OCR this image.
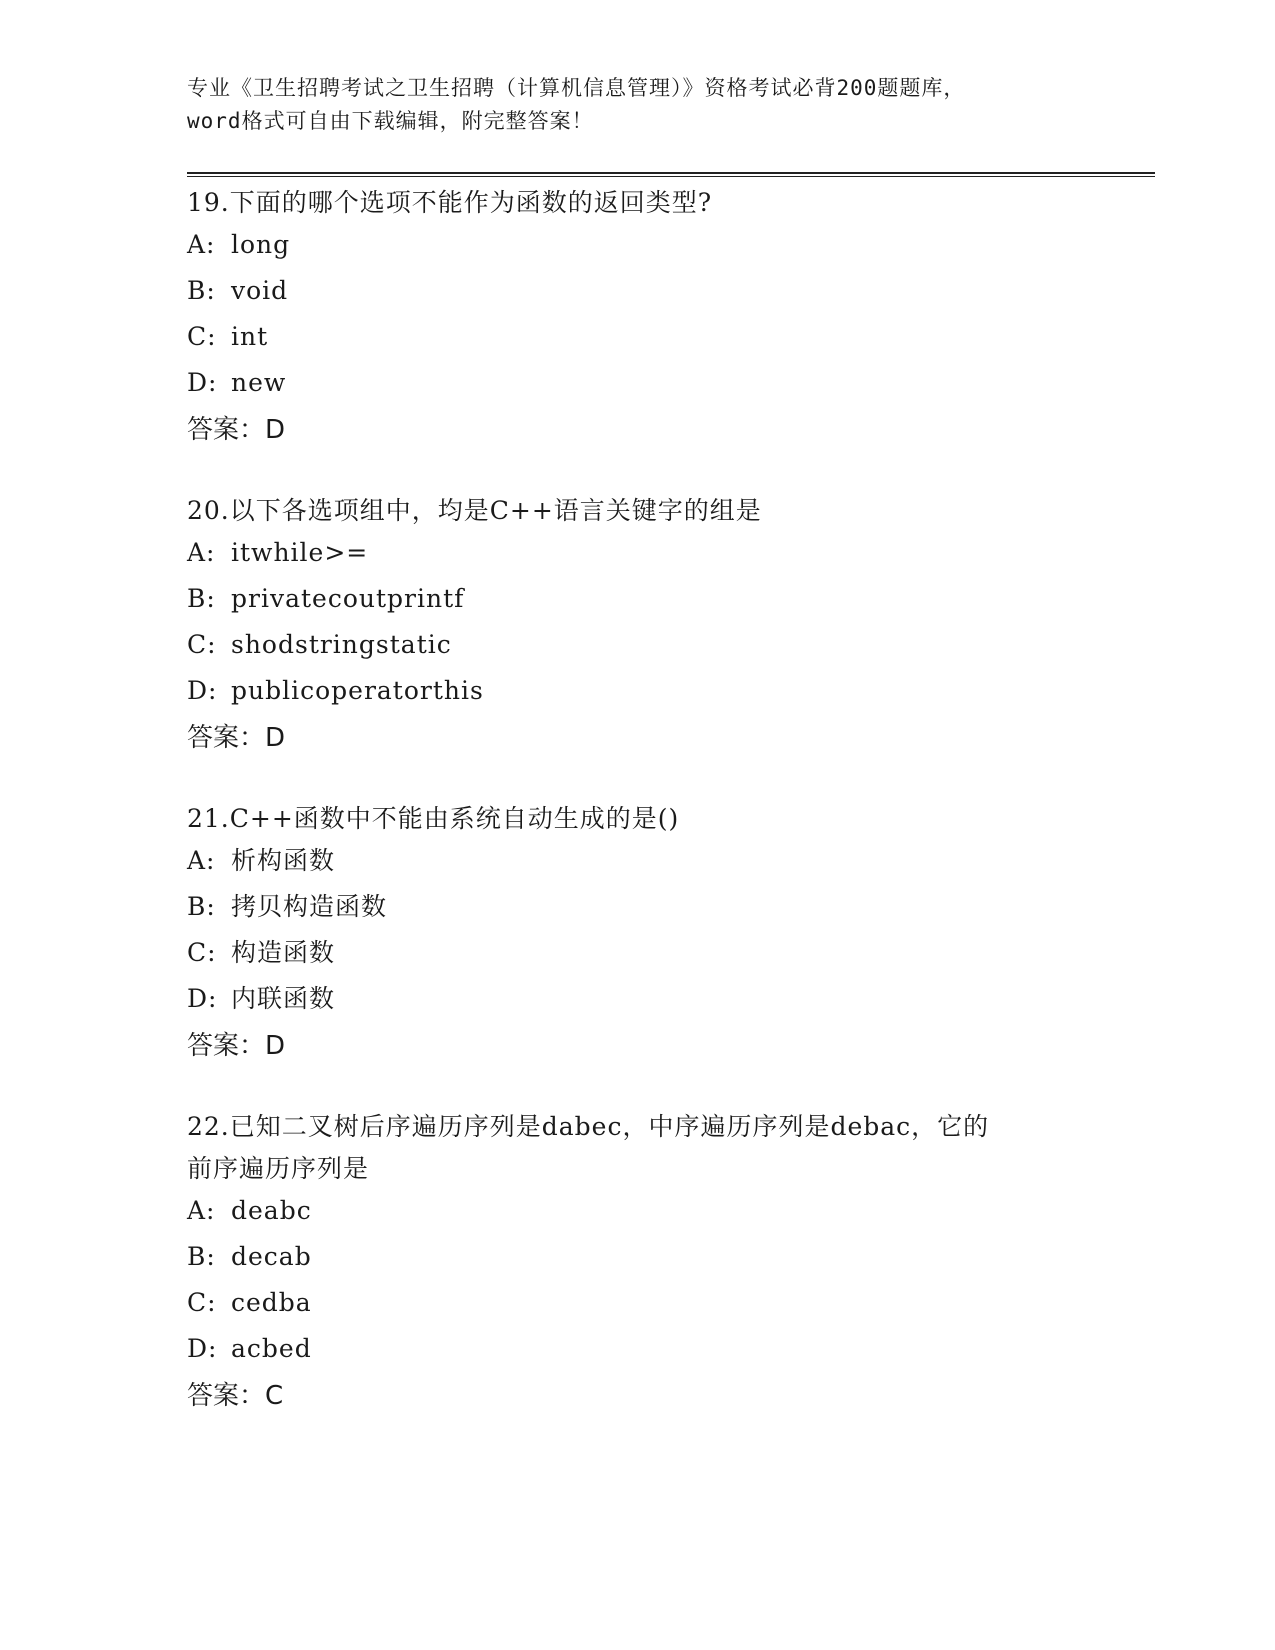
专业《卫生招聘考试之卫生招聘（计算机信息管理）》资格考试必背200题题库，
word格式可自由下载编辑，附完整答案！

19.下面的哪个选项不能作为函数的返回类型?
A: long
B: void
C: int
D: new
答案：D
20.以下各选项组中，均是C++语言关键字的组是
A: itwhile>=
B: privatecoutprintf
C: shodstringstatic
D: publicoperatorthis
答案：D
21.C++函数中不能由系统自动生成的是()
A: 析构函数
B: 拷贝构造函数
C: 构造函数
D: 内联函数
答案：D
22.已知二叉树后序遍历序列是dabec，中序遍历序列是debac，它的
前序遍历序列是
A: deabc
B: decab
C: cedba
D: acbed
答案：C
